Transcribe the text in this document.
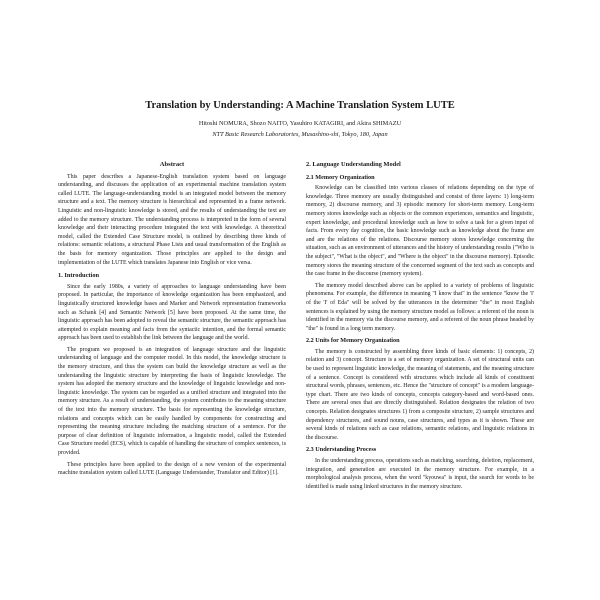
Translation by Understanding: A Machine Translation System LUTE
Hitoshi NOMURA, Shozo NAITO, Yasuhiro KATAGIRI, and Akira SHIMAZU
NTT Basic Research Laboratories, Musashino-shi, Tokyo, 180, Japan
Abstract

This paper describes a Japanese-English translation system based on language understanding, and discusses the application of an experimental machine translation system called LUTE. The language-understanding model is an integrated model between the memory structure and a text. The memory structure is hierarchical and represented in a frame network. Linguistic and non-linguistic knowledge is stored, and the results of understanding the text are added to the memory structure. The understanding process is interpreted in the form of several knowledge and their interacting procedure integrated the text with knowledge. A theoretical model, called the Extended Case Structure model, is outlined by describing three kinds of relations: semantic relations, a structural Phase Lists and usual transformation of the English as the basis for memory organization. Those principles are applied to the design and implementation of the LUTE which translates Japanese into English or vice versa.

1. Introduction

Since the early 1980s, a variety of approaches to language understanding have been proposed. In particular, the importance of knowledge organization has been emphasized, and linguistically structured knowledge bases and Marker and Network representation frameworks such as Schank [4] and Semantic Network [5] have been proposed. At the same time, the linguistic approach has been adopted to reveal the semantic structure, the semantic approach has attempted to explain meaning and facts from the syntactic intention, and the formal semantic approach has been used to establish the link between the language and the world.

The program we proposed is an integration of language structure and the linguistic understanding of language and the computer model. In this model, the knowledge structure is the memory structure, and thus the system can build the knowledge structure as well as the understanding the linguistic structure by interpreting the basis of linguistic knowledge. The system has adopted the memory structure and the knowledge of linguistic knowledge and non-linguistic knowledge. The system can be regarded as a unified structure and integrated into the memory structure. As a result of understanding, the system contributes to the meaning structure of the text into the memory structure. The basis for representing the knowledge structure, relations and concepts which can be easily handled by components for constructing and representing the meaning structure including the matching structure of a sentence. For the purpose of clear definition of linguistic information, a linguistic model, called the Extended Case Structure model (ECS), which is capable of handling the structure of complex sentences, is provided.

These principles have been applied to the design of a new version of the experimental machine translation system called LUTE (Language Understander, Translator and Editor) [1].

2. Language Understanding Model
2.1 Memory Organization

Knowledge can be classified into various classes of relations depending on the type of knowledge. Three memory are usually distinguished and consist of three layers: 1) long-term memory, 2) discourse memory, and 3) episodic memory for short-term memory. Long-term memory stores knowledge such as objects or the common experiences, semantics and linguistic, expert knowledge, and procedural knowledge such as how to solve a task for a given input of facts. From every day cognition, the basic knowledge such as knowledge about the frame are and are the relations of the relations. Discourse memory stores knowledge concerning the situation, such as an environment of utterances and the history of understanding results ("Who is the subject", "What is the object", and "Where is the object" in the discourse memory). Episodic memory stores the meaning structure of the concerned segment of the text such as concepts and the case frame in the discourse (memory system).

The memory model described above can be applied to a variety of problems of linguistic phenomena. For example, the difference in meaning "I know that" in the sentence "know the 'I' of the 'I' of Eda" will be solved by the utterances in the determiner "the" in most English sentences is explained by using the memory structure model as follows: a referent of the noun is identified in the memory via the discourse memory, and a referent of the noun phrase headed by "the" is found in a long term memory.

2.2 Units for Memory Organization

The memory is constructed by assembling three kinds of basic elements: 1) concepts, 2) relation and 3) concept. Structure is a set of memory organization. A set of structural units can be used to represent linguistic knowledge, the meaning of statements, and the meaning structure of a sentence. Concept is considered with structures which include all kinds of constituent structural words, phrases, sentences, etc. Hence the "structure of concept" is a modern language-type chart. There are two kinds of concepts, concepts category-based and word-based ones. There are several ones that are directly distinguished. Relation designates the relation of two concepts. Relation designates structures 1) from a composite structure, 2) sample structures and dependency structures, and sound nouns, case structures, and types as it is shown. These are several kinds of relations such as case relations, semantic relations, and linguistic relations in the discourse.

2.3 Understanding Process

In the understanding process, operations such as matching, searching, deletion, replacement, integration, and generation are executed in the memory structure. For example, in a morphological analysis process, when the word "kyouwa" is input, the search for words to be identified is made using linked structures in the memory structure.
